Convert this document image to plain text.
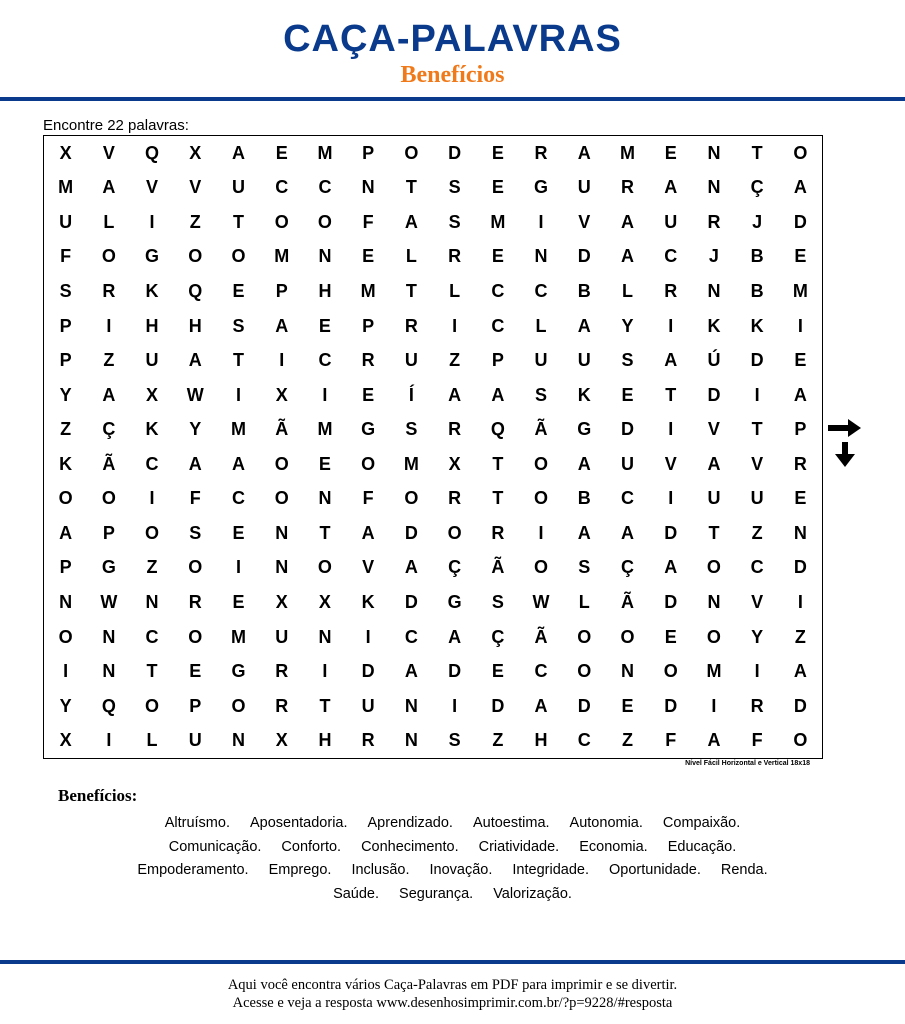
CAÇA-PALAVRAS
Benefícios
Encontre 22 palavras:
X	V	Q	X	A	E	M	P	O	D	E	R	A	M	E	N	T	O
M	A	V	V	U	C	C	N	T	S	E	G	U	R	A	N	Ç	A
U	L	I	Z	T	O	O	F	A	S	M	I	V	A	U	R	J	D
F	O	G	O	O	M	N	E	L	R	E	N	D	A	C	J	B	E
S	R	K	Q	E	P	H	M	T	L	C	C	B	L	R	N	B	M
P	I	H	H	S	A	E	P	R	I	C	L	A	Y	I	K	K	I
P	Z	U	A	T	I	C	R	U	Z	P	U	U	S	A	Ú	D	E
Y	A	X	W	I	X	I	E	Í	A	A	S	K	E	T	D	I	A
Z	Ç	K	Y	M	Ã	M	G	S	R	Q	Ã	G	D	I	V	T	P
K	Ã	C	A	A	O	E	O	M	X	T	O	A	U	V	A	V	R
O	O	I	F	C	O	N	F	O	R	T	O	B	C	I	U	U	E
A	P	O	S	E	N	T	A	D	O	R	I	A	A	D	T	Z	N
P	G	Z	O	I	N	O	V	A	Ç	Ã	O	S	Ç	A	O	C	D
N	W	N	R	E	X	X	K	D	G	S	W	L	Ã	D	N	V	I
O	N	C	O	M	U	N	I	C	A	Ç	Ã	O	O	E	O	Y	Z
I	N	T	E	G	R	I	D	A	D	E	C	O	N	O	M	I	A
Y	Q	O	P	O	R	T	U	N	I	D	A	D	E	D	I	R	D
X	I	L	U	N	X	H	R	N	S	Z	H	C	Z	F	A	F	O
Nível Fácil Horizontal e Vertical 18x18
Benefícios:
Altruísmo. Aposentadoria. Aprendizado. Autoestima. Autonomia. Compaixão.
Comunicação. Conforto. Conhecimento. Criatividade. Economia. Educação.
Empoderamento. Emprego. Inclusão. Inovação. Integridade. Oportunidade. Renda.
Saúde. Segurança. Valorização.
Aqui você encontra vários Caça-Palavras em PDF para imprimir e se divertir.
Acesse e veja a resposta www.desenhosimprimir.com.br/?p=9228/#resposta
